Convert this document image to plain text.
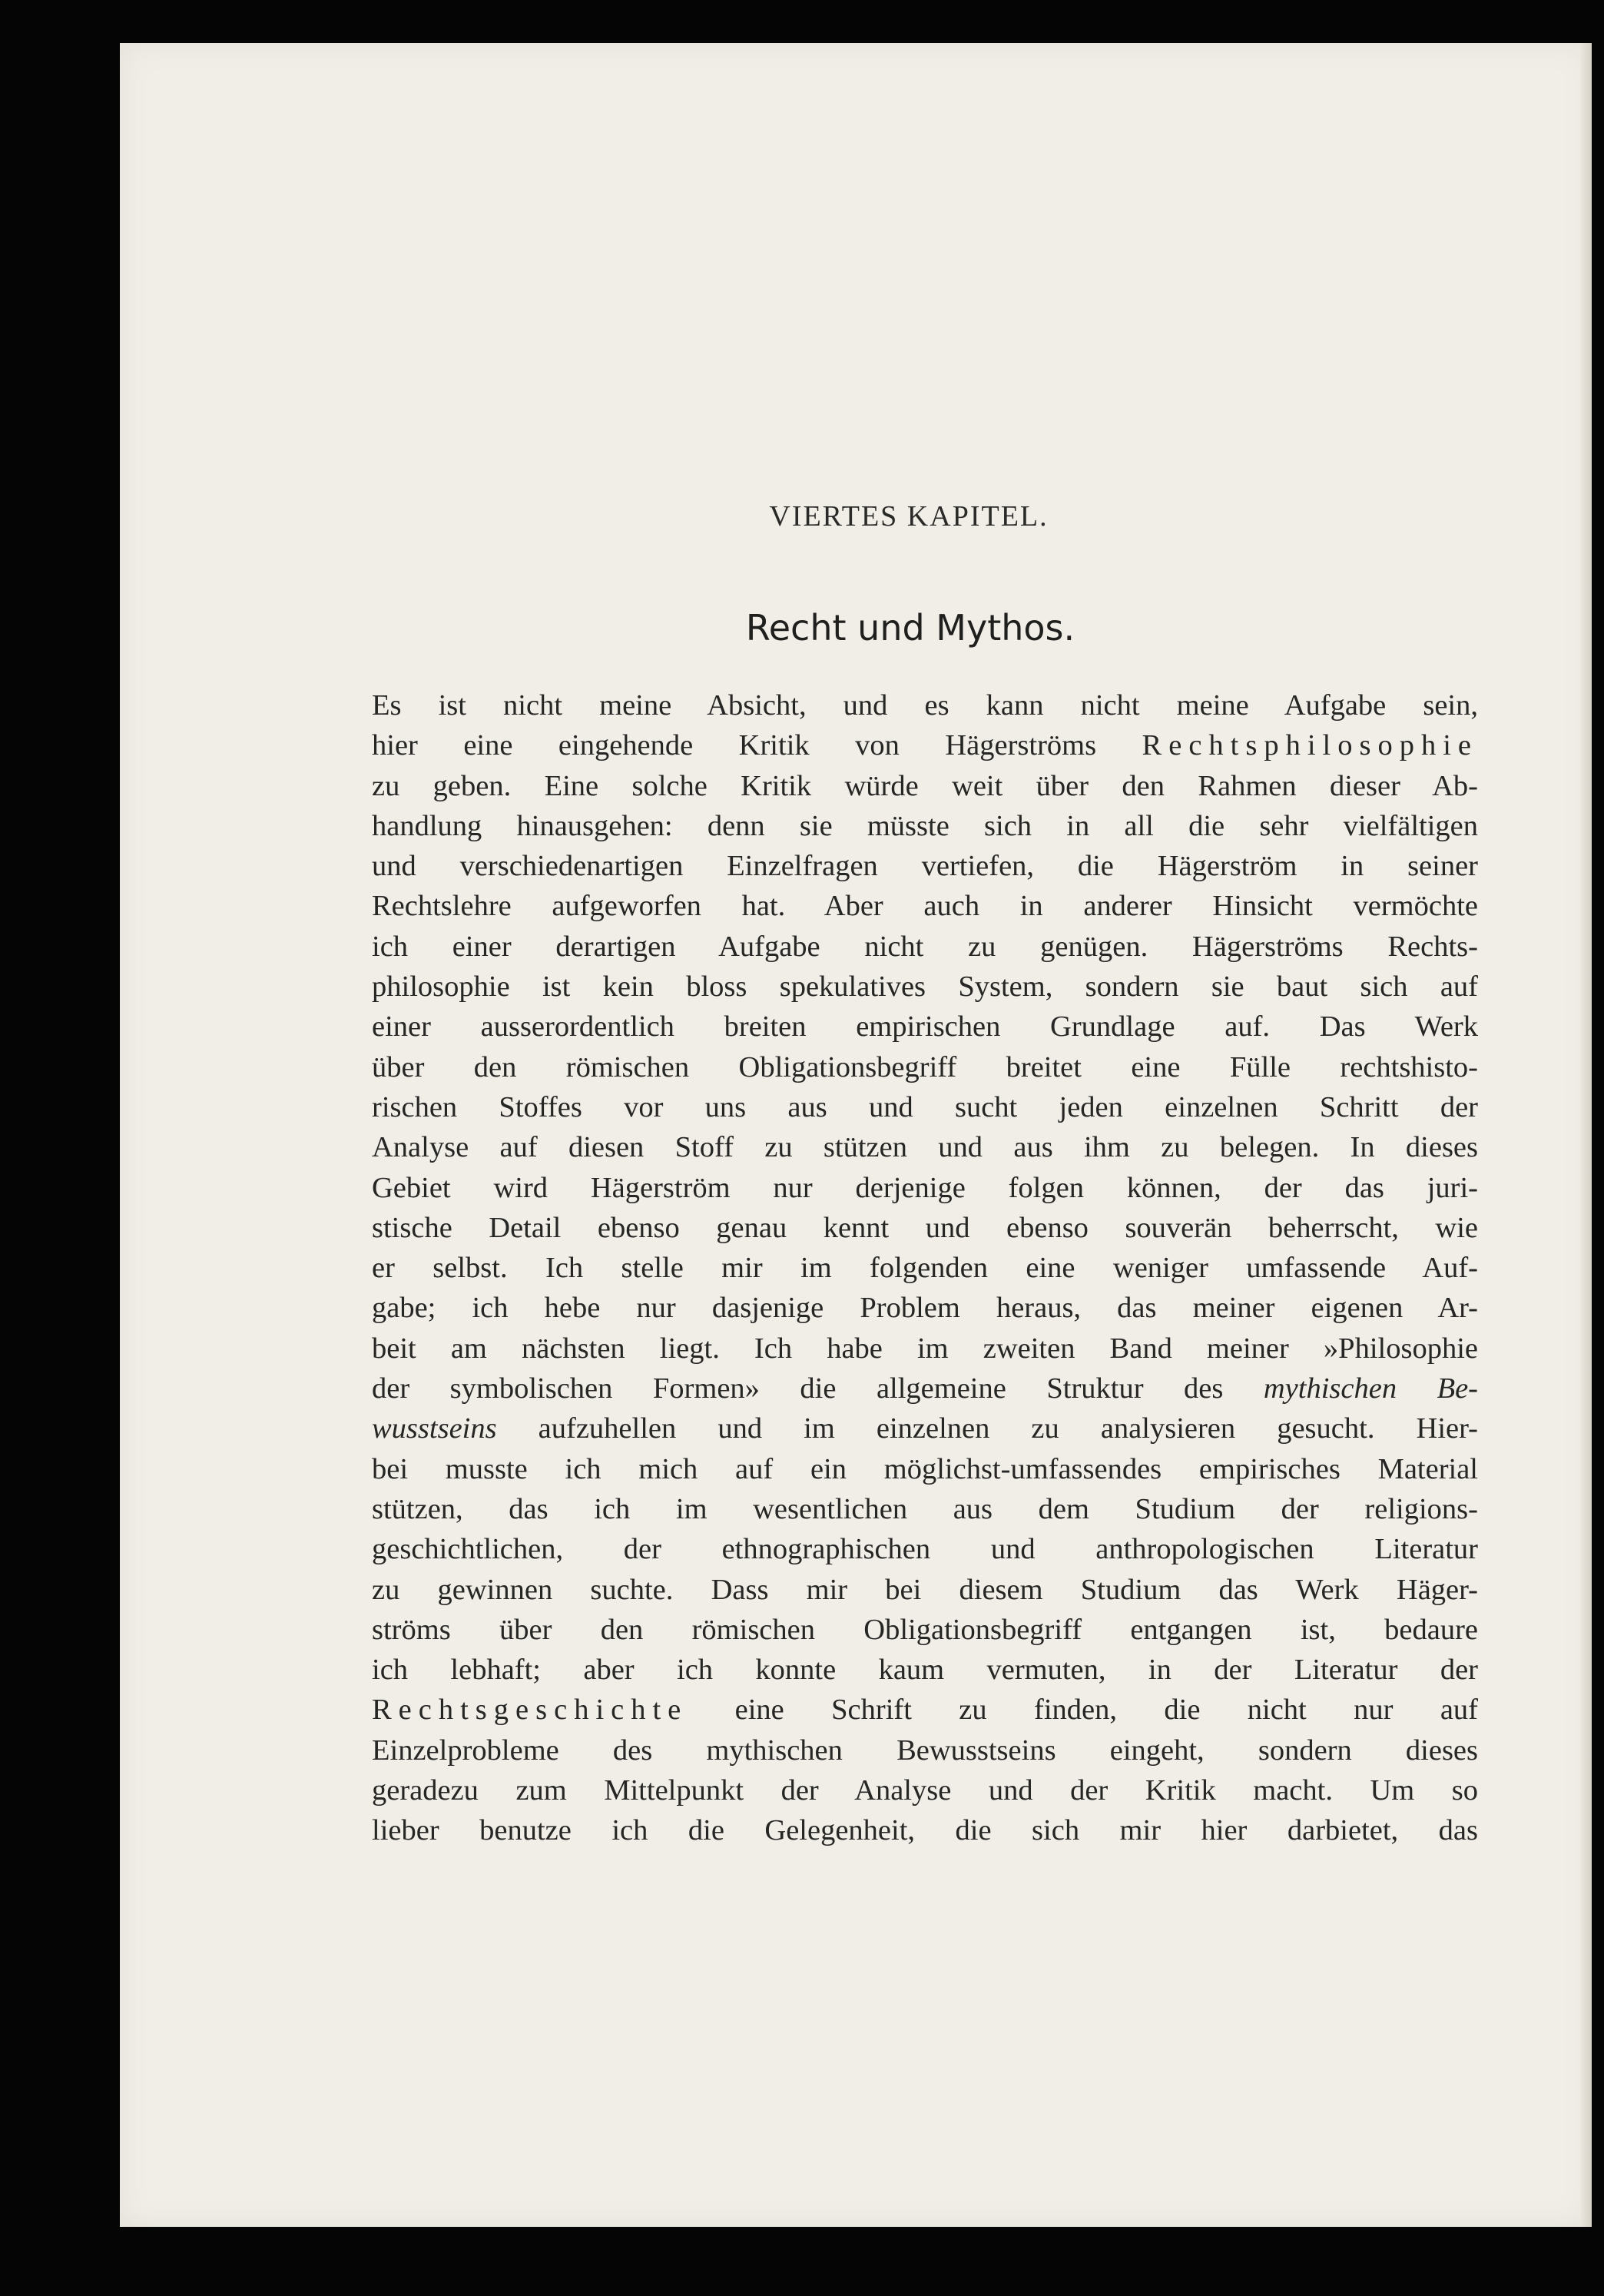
VIERTES KAPITEL.
Recht und Mythos.
Es ist nicht meine Absicht, und es kann nicht meine Aufgabe sein,
hier eine eingehende Kritik von Hägerströms Rechtsphilosophie
zu geben. Eine solche Kritik würde weit über den Rahmen dieser Ab-
handlung hinausgehen: denn sie müsste sich in all die sehr vielfältigen
und verschiedenartigen Einzelfragen vertiefen, die Hägerström in seiner
Rechtslehre aufgeworfen hat. Aber auch in anderer Hinsicht vermöchte
ich einer derartigen Aufgabe nicht zu genügen. Hägerströms Rechts-
philosophie ist kein bloss spekulatives System, sondern sie baut sich auf
einer ausserordentlich breiten empirischen Grundlage auf. Das Werk
über den römischen Obligationsbegriff breitet eine Fülle rechtshisto-
rischen Stoffes vor uns aus und sucht jeden einzelnen Schritt der
Analyse auf diesen Stoff zu stützen und aus ihm zu belegen. In dieses
Gebiet wird Hägerström nur derjenige folgen können, der das juri-
stische Detail ebenso genau kennt und ebenso souverän beherrscht, wie
er selbst. Ich stelle mir im folgenden eine weniger umfassende Auf-
gabe; ich hebe nur dasjenige Problem heraus, das meiner eigenen Ar-
beit am nächsten liegt. Ich habe im zweiten Band meiner »Philosophie
der symbolischen Formen» die allgemeine Struktur des mythischen Be-
wusstseins aufzuhellen und im einzelnen zu analysieren gesucht. Hier-
bei musste ich mich auf ein möglichst-umfassendes empirisches Material
stützen, das ich im wesentlichen aus dem Studium der religions-
geschichtlichen, der ethnographischen und anthropologischen Literatur
zu gewinnen suchte. Dass mir bei diesem Studium das Werk Häger-
ströms über den römischen Obligationsbegriff entgangen ist, bedaure
ich lebhaft; aber ich konnte kaum vermuten, in der Literatur der
Rechtsgeschichte eine Schrift zu finden, die nicht nur auf
Einzelprobleme des mythischen Bewusstseins eingeht, sondern dieses
geradezu zum Mittelpunkt der Analyse und der Kritik macht. Um so
lieber benutze ich die Gelegenheit, die sich mir hier darbietet, das
